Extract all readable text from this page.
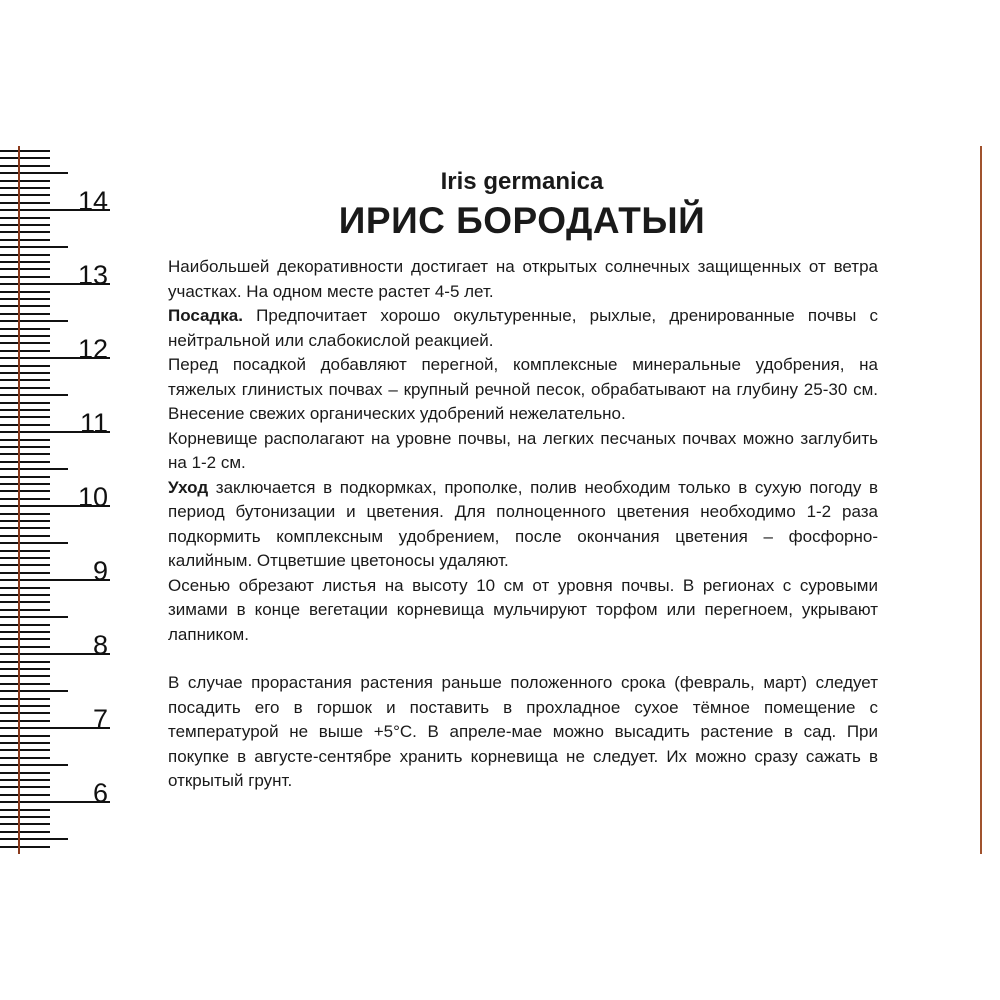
14
13
12
11
10
9
8
7
6
Iris germanica
ИРИС БОРОДАТЫЙ

Наибольшей декоративности достигает на открытых солнечных защищенных от ветра участках. На одном месте растет 4-5 лет.

Посадка. Предпочитает хорошо окультуренные, рыхлые, дренированные почвы с нейтральной или слабокислой реакцией.

Перед посадкой добавляют перегной, комплексные минеральные удобрения, на тяжелых глинистых почвах – крупный речной песок, обрабатывают на глубину 25-30 см. Внесение свежих органических удобрений нежелательно.

Корневище располагают на уровне почвы, на легких песчаных почвах можно заглубить на 1-2 см.

Уход заключается в подкормках, прополке, полив необходим только в сухую погоду в период бутонизации и цветения. Для полноценного цветения необходимо 1-2 раза подкормить комплексным удобрением, после окончания цветения – фосфорно-калийным. Отцветшие цветоносы удаляют.

Осенью обрезают листья на высоту 10 см от уровня почвы. В регионах с суровыми зимами в конце вегетации корневища мульчируют торфом или перегноем, укрывают лапником.

В случае прорастания растения раньше положенного срока (февраль, март) следует посадить его в горшок и поставить в прохладное сухое тёмное помещение с температурой не выше +5°С. В апреле-мае можно высадить растение в сад. При покупке в августе-сентябре хранить корневища не следует. Их можно сразу сажать в открытый грунт.
